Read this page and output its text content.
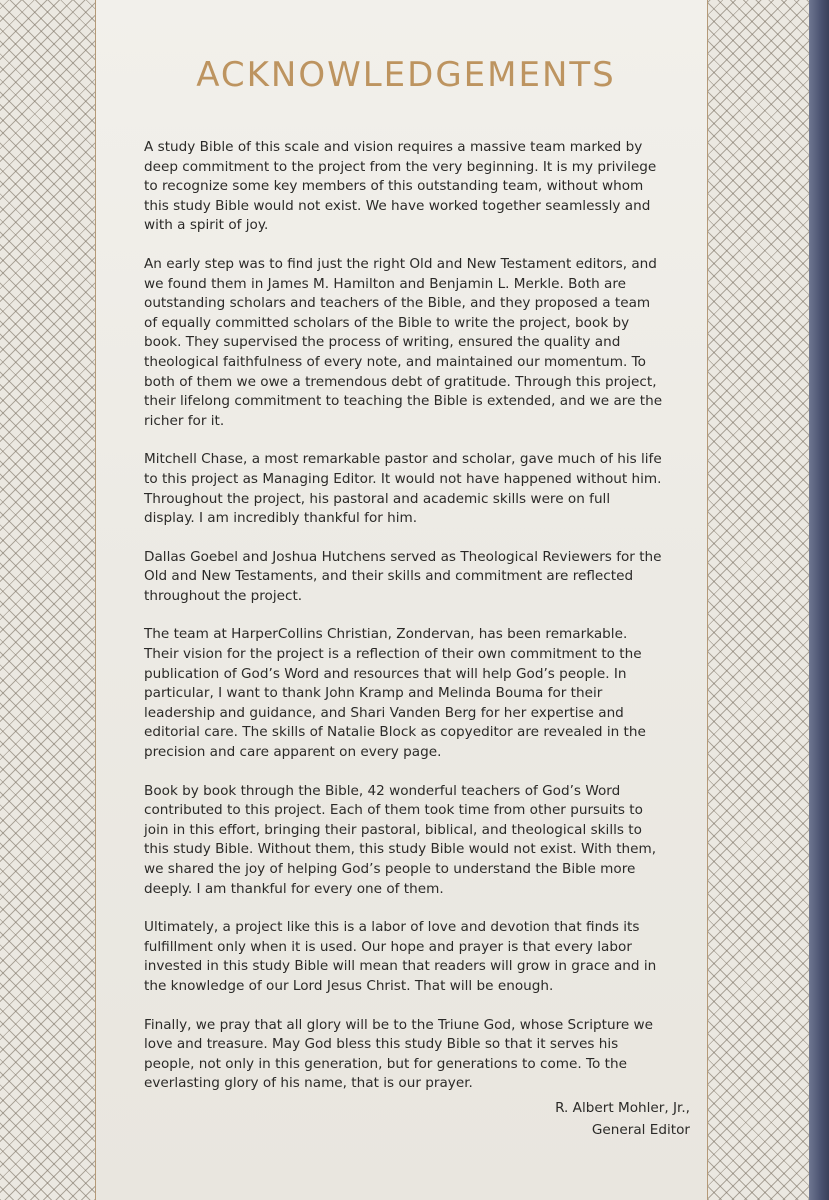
ACKNOWLEDGEMENTS

A study Bible of this scale and vision requires a massive team marked by deep commitment to the project from the very beginning. It is my privilege to recognize some key members of this outstanding team, without whom this study Bible would not exist. We have worked together seamlessly and with a spirit of joy.

An early step was to find just the right Old and New Testament editors, and we found them in James M. Hamilton and Benjamin L. Merkle. Both are outstanding scholars and teachers of the Bible, and they proposed a team of equally committed scholars of the Bible to write the project, book by book. They supervised the process of writing, ensured the quality and theological faithfulness of every note, and maintained our momentum. To both of them we owe a tremendous debt of gratitude. Through this project, their lifelong commitment to teaching the Bible is extended, and we are the richer for it.

Mitchell Chase, a most remarkable pastor and scholar, gave much of his life to this project as Managing Editor. It would not have happened without him. Throughout the project, his pastoral and academic skills were on full display. I am incredibly thankful for him.

Dallas Goebel and Joshua Hutchens served as Theological Reviewers for the Old and New Testaments, and their skills and commitment are reflected throughout the project.

The team at HarperCollins Christian, Zondervan, has been remarkable. Their vision for the project is a reflection of their own commitment to the publication of God’s Word and resources that will help God’s people. In particular, I want to thank John Kramp and Melinda Bouma for their leadership and guidance, and Shari Vanden Berg for her expertise and editorial care. The skills of Natalie Block as copyeditor are revealed in the precision and care apparent on every page.

Book by book through the Bible, 42 wonderful teachers of God’s Word contributed to this project. Each of them took time from other pursuits to join in this effort, bringing their pastoral, biblical, and theological skills to this study Bible. Without them, this study Bible would not exist. With them, we shared the joy of helping God’s people to understand the Bible more deeply. I am thankful for every one of them.

Ultimately, a project like this is a labor of love and devotion that finds its fulfillment only when it is used. Our hope and prayer is that every labor invested in this study Bible will mean that readers will grow in grace and in the knowledge of our Lord Jesus Christ. That will be enough.

Finally, we pray that all glory will be to the Triune God, whose Scripture we love and treasure. May God bless this study Bible so that it serves his people, not only in this generation, but for generations to come. To the everlasting glory of his name, that is our prayer.

R. Albert Mohler, Jr.,
General Editor
